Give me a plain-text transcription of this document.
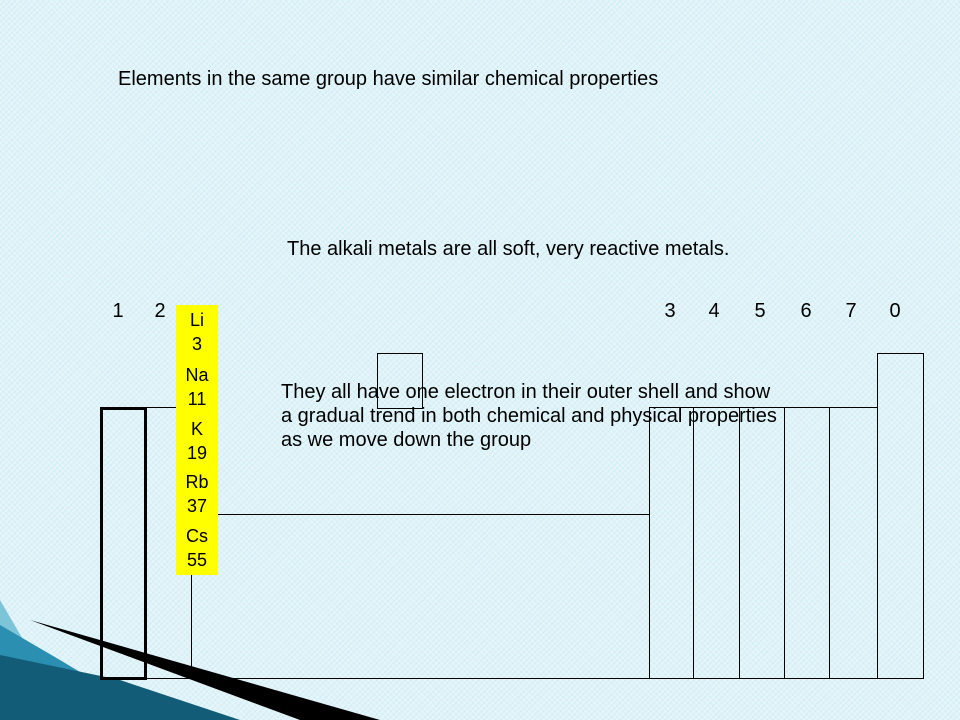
Elements in the same group have similar chemical properties
The alkali metals are all soft, very reactive metals.
1 2	3 4 5 6 7 0
Li
3
Na
11
K
19
Rb
37
Cs
55
They all have one electron in their outer shell and show
a gradual trend in both chemical and physical properties
as we move down the group
